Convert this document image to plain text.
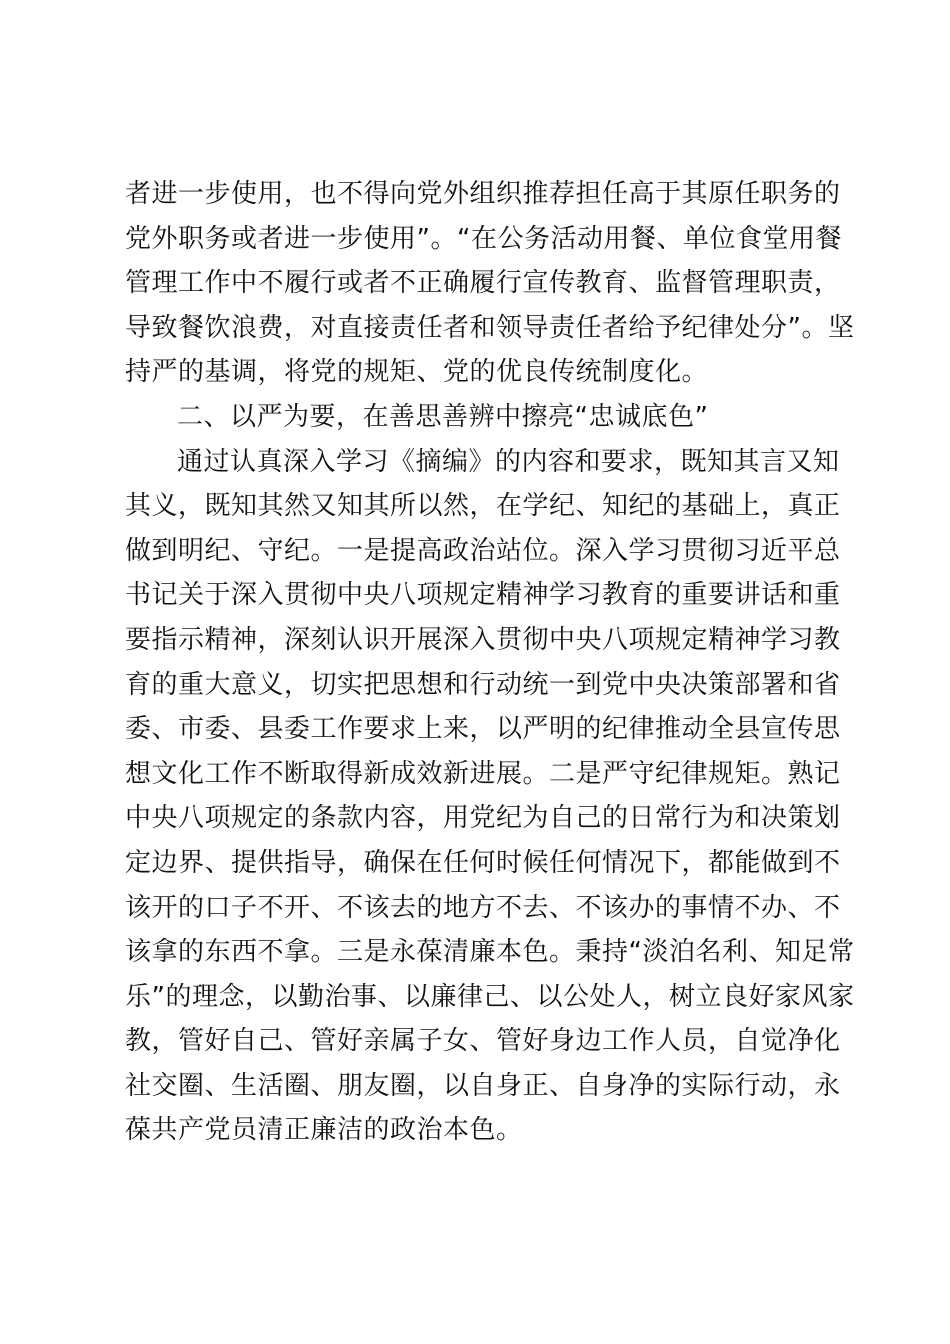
者进一步使用，也不得向党外组织推荐担任高于其原任职务的
党外职务或者进一步使用”。“在公务活动用餐、单位食堂用餐
管理工作中不履行或者不正确履行宣传教育、监督管理职责，
导致餐饮浪费，对直接责任者和领导责任者给予纪律处分”。坚
持严的基调，将党的规矩、党的优良传统制度化。
二、以严为要，在善思善辨中擦亮“忠诚底色”
通过认真深入学习《摘编》的内容和要求，既知其言又知
其义，既知其然又知其所以然，在学纪、知纪的基础上，真正
做到明纪、守纪。一是提高政治站位。深入学习贯彻习近平总
书记关于深入贯彻中央八项规定精神学习教育的重要讲话和重
要指示精神，深刻认识开展深入贯彻中央八项规定精神学习教
育的重大意义，切实把思想和行动统一到党中央决策部署和省
委、市委、县委工作要求上来，以严明的纪律推动全县宣传思
想文化工作不断取得新成效新进展。二是严守纪律规矩。熟记
中央八项规定的条款内容，用党纪为自己的日常行为和决策划
定边界、提供指导，确保在任何时候任何情况下，都能做到不
该开的口子不开、不该去的地方不去、不该办的事情不办、不
该拿的东西不拿。三是永葆清廉本色。秉持“淡泊名利、知足常
乐”的理念，以勤治事、以廉律己、以公处人，树立良好家风家
教，管好自己、管好亲属子女、管好身边工作人员，自觉净化
社交圈、生活圈、朋友圈，以自身正、自身净的实际行动，永
葆共产党员清正廉洁的政治本色。
